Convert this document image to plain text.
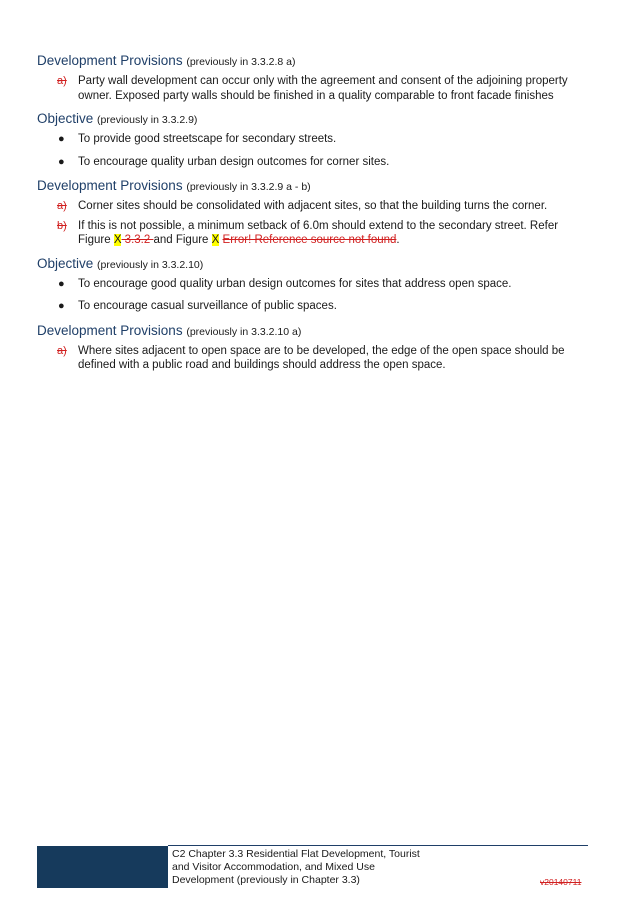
Development Provisions (previously in 3.3.2.8 a)
a) Party wall development can occur only with the agreement and consent of the adjoining property owner. Exposed party walls should be finished in a quality comparable to front facade finishes
Objective (previously in 3.3.2.9)
● To provide good streetscape for secondary streets.
● To encourage quality urban design outcomes for corner sites.
Development Provisions (previously in 3.3.2.9 a - b)
a) Corner sites should be consolidated with adjacent sites, so that the building turns the corner.
b) If this is not possible, a minimum setback of 6.0m should extend to the secondary street. Refer
Figure X 3.3.2 and Figure X Error! Reference source not found.
Objective (previously in 3.3.2.10)
● To encourage good quality urban design outcomes for sites that address open space.
● To encourage casual surveillance of public spaces.
Development Provisions (previously in 3.3.2.10 a)
a) Where sites adjacent to open space are to be developed, the edge of the open space should be defined with a public road and buildings should address the open space.
C2 Chapter 3.3 Residential Flat Development, Tourist
and Visitor Accommodation, and Mixed Use
Development (previously in Chapter 3.3)	v20140711
